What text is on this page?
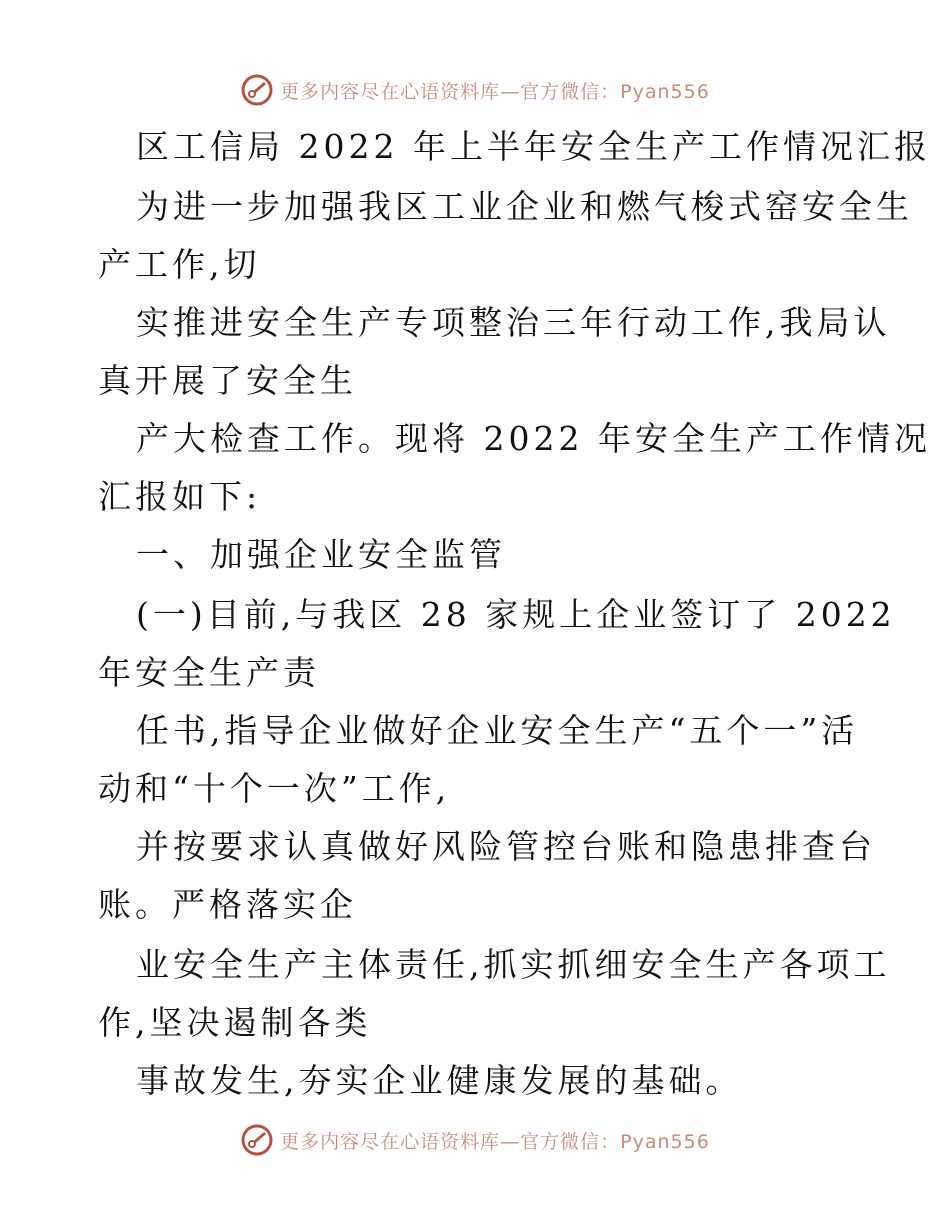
更多内容尽在心语资料库—官方微信：Pyan556
区工信局 2022 年上半年安全生产工作情况汇报
为进一步加强我区工业企业和燃气梭式窑安全生
产工作,切
实推进安全生产专项整治三年行动工作,我局认
真开展了安全生
产大检查工作。现将 2022 年安全生产工作情况
汇报如下:
一、加强企业安全监管
(一)目前,与我区 28 家规上企业签订了 2022
年安全生产责
任书,指导企业做好企业安全生产“五个一”活
动和“十个一次”工作,
并按要求认真做好风险管控台账和隐患排查台
账。严格落实企
业安全生产主体责任,抓实抓细安全生产各项工
作,坚决遏制各类
事故发生,夯实企业健康发展的基础。
更多内容尽在心语资料库—官方微信：Pyan556
